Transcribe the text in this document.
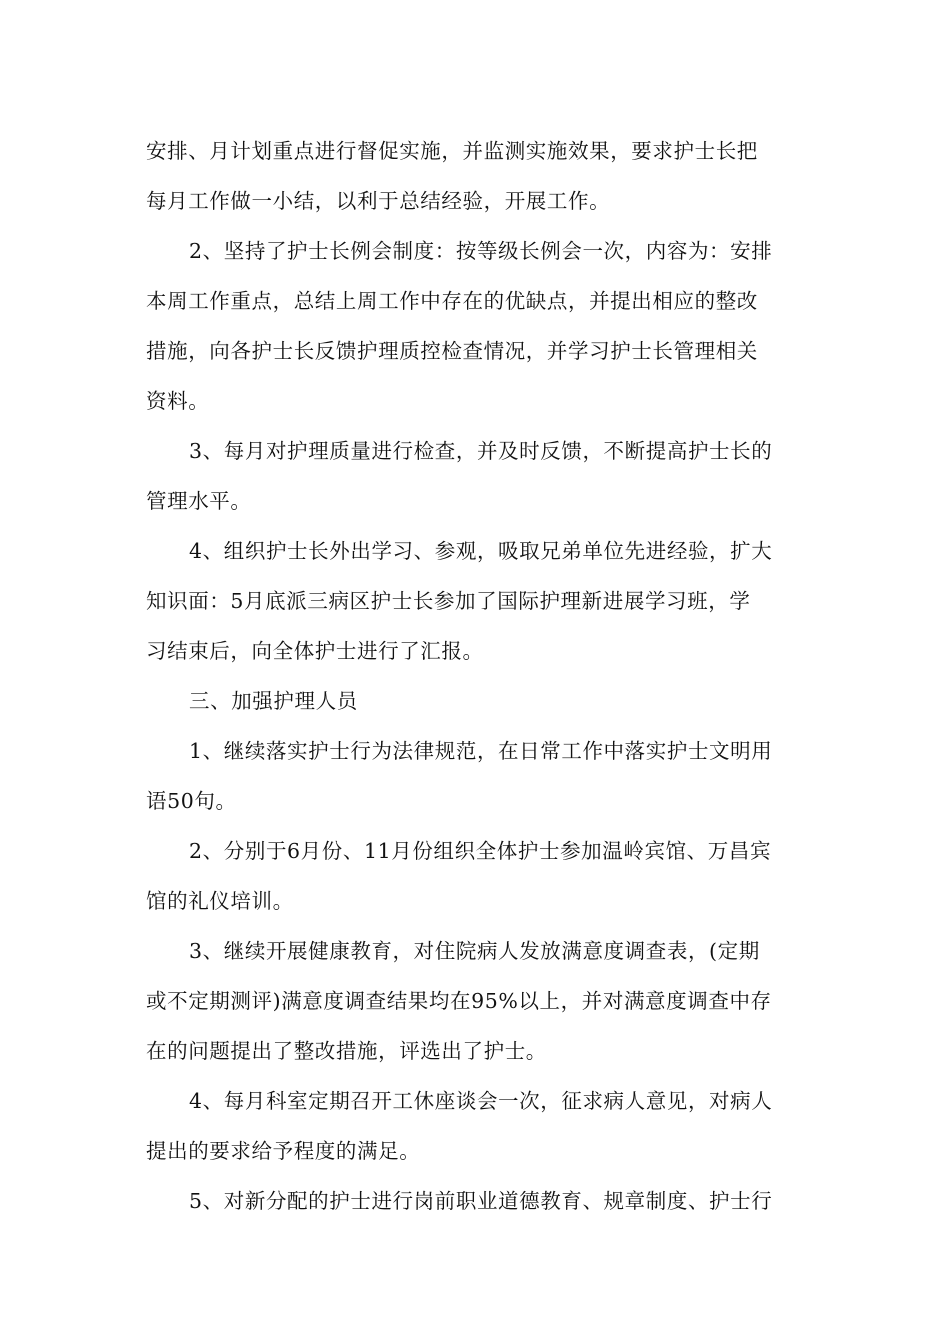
安排、月计划重点进行督促实施，并监测实施效果，要求护士长把
每月工作做一小结，以利于总结经验，开展工作。
2、坚持了护士长例会制度：按等级长例会一次，内容为：安排
本周工作重点，总结上周工作中存在的优缺点，并提出相应的整改
措施，向各护士长反馈护理质控检查情况，并学习护士长管理相关
资料。
3、每月对护理质量进行检查，并及时反馈，不断提高护士长的
管理水平。
4、组织护士长外出学习、参观，吸取兄弟单位先进经验，扩大
知识面：5月底派三病区护士长参加了国际护理新进展学习班，学
习结束后，向全体护士进行了汇报。
三、加强护理人员
1、继续落实护士行为法律规范，在日常工作中落实护士文明用
语50句。
2、分别于6月份、11月份组织全体护士参加温岭宾馆、万昌宾
馆的礼仪培训。
3、继续开展健康教育，对住院病人发放满意度调查表，(定期
或不定期测评)满意度调查结果均在95%以上，并对满意度调查中存
在的问题提出了整改措施，评选出了护士。
4、每月科室定期召开工休座谈会一次，征求病人意见，对病人
提出的要求给予程度的满足。
5、对新分配的护士进行岗前职业道德教育、规章制度、护士行
